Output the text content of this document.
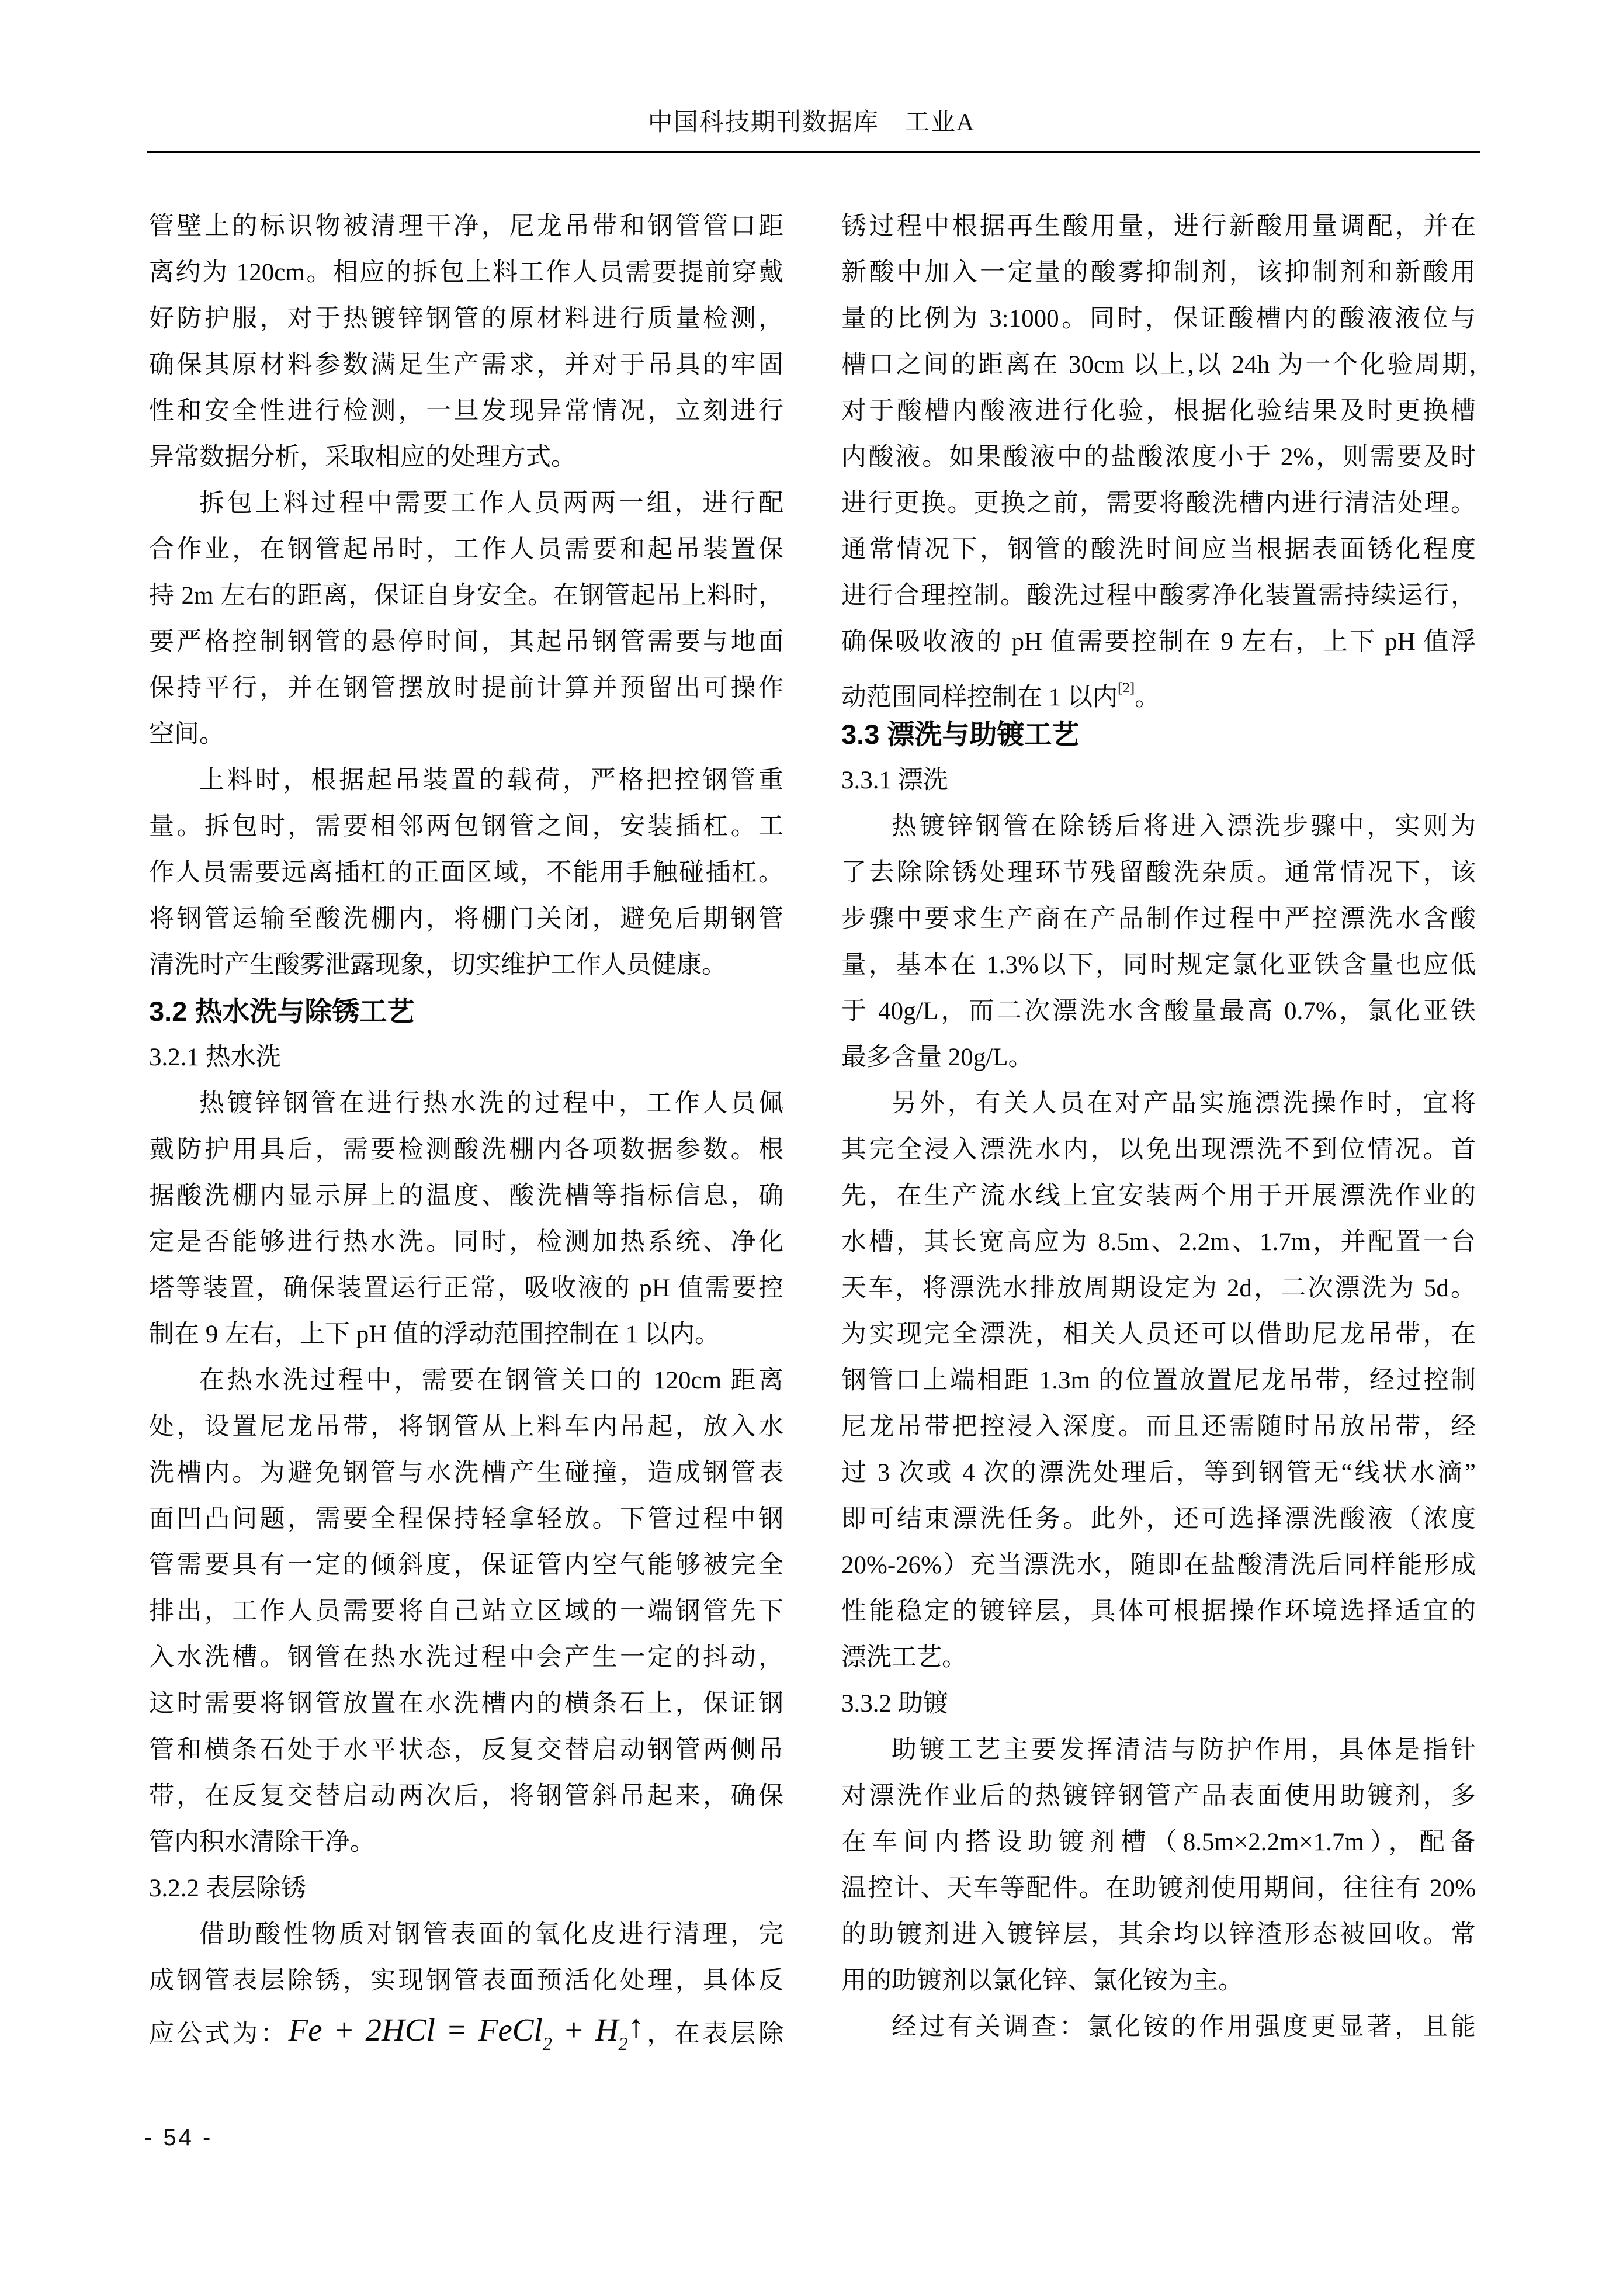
中国科技期刊数据库　工业A
管壁上的标识物被清理干净，尼龙吊带和钢管管口距
离约为 120cm。相应的拆包上料工作人员需要提前穿戴
好防护服，对于热镀锌钢管的原材料进行质量检测，
确保其原材料参数满足生产需求，并对于吊具的牢固
性和安全性进行检测，一旦发现异常情况，立刻进行
异常数据分析，采取相应的处理方式。
拆包上料过程中需要工作人员两两一组，进行配
合作业，在钢管起吊时，工作人员需要和起吊装置保
持 2m 左右的距离，保证自身安全。在钢管起吊上料时，
要严格控制钢管的悬停时间，其起吊钢管需要与地面
保持平行，并在钢管摆放时提前计算并预留出可操作
空间。
上料时，根据起吊装置的载荷，严格把控钢管重
量。拆包时，需要相邻两包钢管之间，安装插杠。工
作人员需要远离插杠的正面区域，不能用手触碰插杠。
将钢管运输至酸洗棚内，将棚门关闭，避免后期钢管
清洗时产生酸雾泄露现象，切实维护工作人员健康。
3.2 热水洗与除锈工艺
3.2.1 热水洗
热镀锌钢管在进行热水洗的过程中，工作人员佩
戴防护用具后，需要检测酸洗棚内各项数据参数。根
据酸洗棚内显示屏上的温度、酸洗槽等指标信息，确
定是否能够进行热水洗。同时，检测加热系统、净化
塔等装置，确保装置运行正常，吸收液的 pH 值需要控
制在 9 左右，上下 pH 值的浮动范围控制在 1 以内。
在热水洗过程中，需要在钢管关口的 120cm 距离
处，设置尼龙吊带，将钢管从上料车内吊起，放入水
洗槽内。为避免钢管与水洗槽产生碰撞，造成钢管表
面凹凸问题，需要全程保持轻拿轻放。下管过程中钢
管需要具有一定的倾斜度，保证管内空气能够被完全
排出，工作人员需要将自己站立区域的一端钢管先下
入水洗槽。钢管在热水洗过程中会产生一定的抖动，
这时需要将钢管放置在水洗槽内的横条石上，保证钢
管和横条石处于水平状态，反复交替启动钢管两侧吊
带，在反复交替启动两次后，将钢管斜吊起来，确保
管内积水清除干净。
3.2.2 表层除锈
借助酸性物质对钢管表面的氧化皮进行清理，完
成钢管表层除锈，实现钢管表面预活化处理，具体反
应公式为：Fe + 2HCl = FeCl$_2$ + $H_2↑$，在表层除
锈过程中根据再生酸用量，进行新酸用量调配，并在
新酸中加入一定量的酸雾抑制剂，该抑制剂和新酸用
量的比例为 3:1000。同时，保证酸槽内的酸液液位与
槽口之间的距离在 30cm 以上,以 24h 为一个化验周期,
对于酸槽内酸液进行化验，根据化验结果及时更换槽
内酸液。如果酸液中的盐酸浓度小于 2%，则需要及时
进行更换。更换之前，需要将酸洗槽内进行清洁处理。
通常情况下，钢管的酸洗时间应当根据表面锈化程度
进行合理控制。酸洗过程中酸雾净化装置需持续运行，
确保吸收液的 pH 值需要控制在 9 左右，上下 pH 值浮
动范围同样控制在 1 以内[2]。
3.3 漂洗与助镀工艺
3.3.1 漂洗
热镀锌钢管在除锈后将进入漂洗步骤中，实则为
了去除除锈处理环节残留酸洗杂质。通常情况下，该
步骤中要求生产商在产品制作过程中严控漂洗水含酸
量，基本在 1.3%以下，同时规定氯化亚铁含量也应低
于 40g/L，而二次漂洗水含酸量最高 0.7%，氯化亚铁
最多含量 20g/L。
另外，有关人员在对产品实施漂洗操作时，宜将
其完全浸入漂洗水内，以免出现漂洗不到位情况。首
先，在生产流水线上宜安装两个用于开展漂洗作业的
水槽，其长宽高应为 8.5m、2.2m、1.7m，并配置一台
天车，将漂洗水排放周期设定为 2d，二次漂洗为 5d。
为实现完全漂洗，相关人员还可以借助尼龙吊带，在
钢管口上端相距 1.3m 的位置放置尼龙吊带，经过控制
尼龙吊带把控浸入深度。而且还需随时吊放吊带，经
过 3 次或 4 次的漂洗处理后，等到钢管无“线状水滴”
即可结束漂洗任务。此外，还可选择漂洗酸液（浓度
20%-26%）充当漂洗水，随即在盐酸清洗后同样能形成
性能稳定的镀锌层，具体可根据操作环境选择适宜的
漂洗工艺。
3.3.2 助镀
助镀工艺主要发挥清洁与防护作用，具体是指针
对漂洗作业后的热镀锌钢管产品表面使用助镀剂，多
在车间内搭设助镀剂槽（8.5m×2.2m×1.7m），配备
温控计、天车等配件。在助镀剂使用期间，往往有 20%
的助镀剂进入镀锌层，其余均以锌渣形态被回收。常
用的助镀剂以氯化锌、氯化铵为主。
经过有关调查：氯化铵的作用强度更显著，且能
- 54 -
